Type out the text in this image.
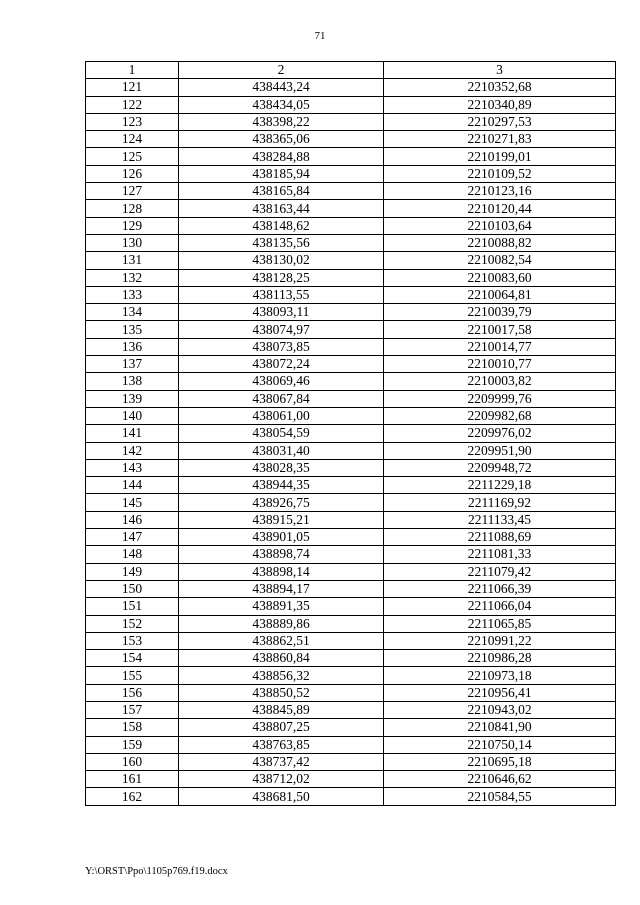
71
1	2	3
121	438443,24	2210352,68
122	438434,05	2210340,89
123	438398,22	2210297,53
124	438365,06	2210271,83
125	438284,88	2210199,01
126	438185,94	2210109,52
127	438165,84	2210123,16
128	438163,44	2210120,44
129	438148,62	2210103,64
130	438135,56	2210088,82
131	438130,02	2210082,54
132	438128,25	2210083,60
133	438113,55	2210064,81
134	438093,11	2210039,79
135	438074,97	2210017,58
136	438073,85	2210014,77
137	438072,24	2210010,77
138	438069,46	2210003,82
139	438067,84	2209999,76
140	438061,00	2209982,68
141	438054,59	2209976,02
142	438031,40	2209951,90
143	438028,35	2209948,72
144	438944,35	2211229,18
145	438926,75	2211169,92
146	438915,21	2211133,45
147	438901,05	2211088,69
148	438898,74	2211081,33
149	438898,14	2211079,42
150	438894,17	2211066,39
151	438891,35	2211066,04
152	438889,86	2211065,85
153	438862,51	2210991,22
154	438860,84	2210986,28
155	438856,32	2210973,18
156	438850,52	2210956,41
157	438845,89	2210943,02
158	438807,25	2210841,90
159	438763,85	2210750,14
160	438737,42	2210695,18
161	438712,02	2210646,62
162	438681,50	2210584,55
Y:\ORST\Ppo\1105p769.f19.docx
